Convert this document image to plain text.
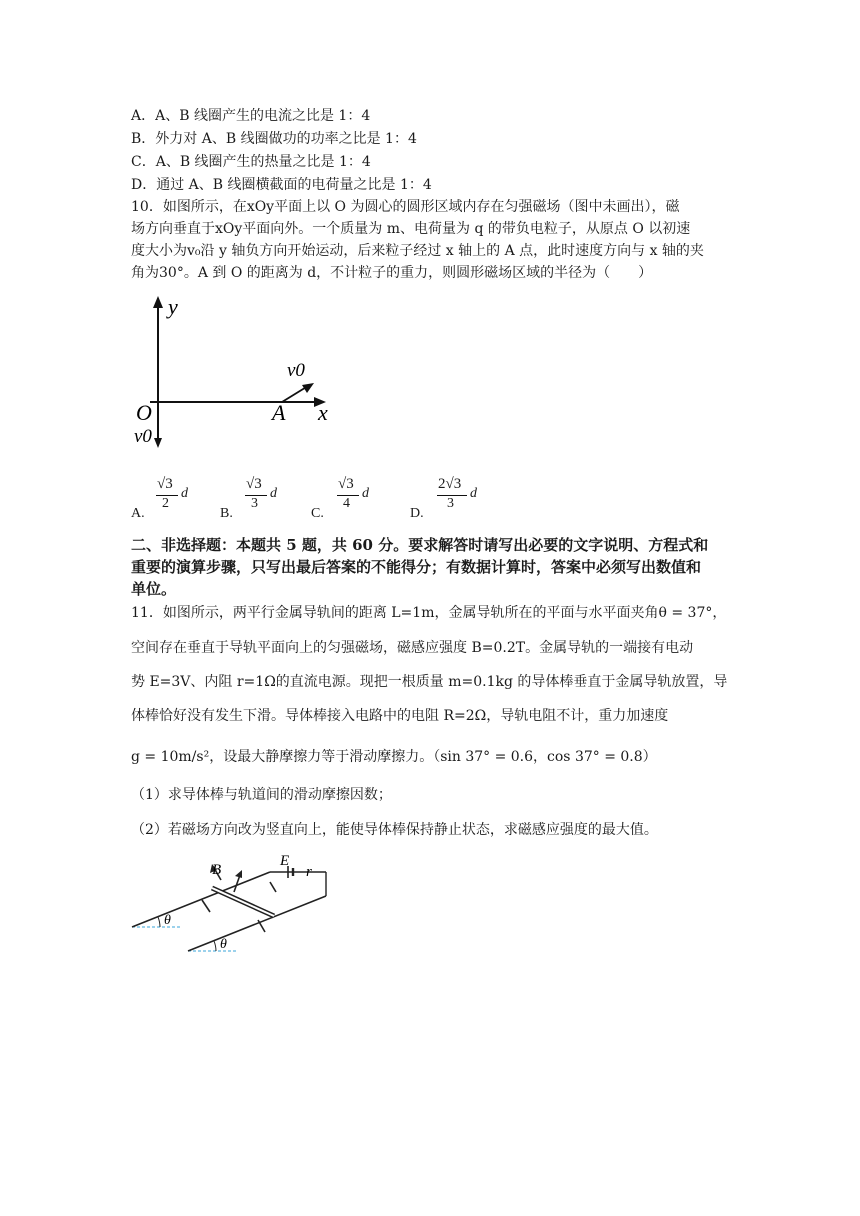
A．A、B 线圈产生的电流之比是 1：4
B．外力对 A、B 线圈做功的功率之比是 1：4
C．A、B 线圈产生的热量之比是 1：4
D．通过 A、B 线圈横截面的电荷量之比是 1：4
10．如图所示，在xOy平面上以 O 为圆心的圆形区域内存在匀强磁场（图中未画出），磁
场方向垂直于xOy平面向外。一个质量为 m、电荷量为 q 的带负电粒子，从原点 O 以初速
度大小为v₀沿 y 轴负方向开始运动，后来粒子经过 x 轴上的 A 点，此时速度方向与 x 轴的夹
角为30°。A 到 O 的距离为 d，不计粒子的重力，则圆形磁场区域的半径为（　　）
y
x
O	A
v0
v0
A.
√3
2
d
B.
√3
3
d
C.
√3
4
d
D.
2√3
3
d
二、非选择题：本题共 5 题，共 60 分。要求解答时请写出必要的文字说明、方程式和
重要的演算步骤，只写出最后答案的不能得分；有数据计算时，答案中必须写出数值和
单位。
11．如图所示，两平行金属导轨间的距离 L=1m，金属导轨所在的平面与水平面夹角θ = 37°，
空间存在垂直于导轨平面向上的匀强磁场，磁感应强度 B=0.2T。金属导轨的一端接有电动
势 E=3V、内阻 r=1Ω的直流电源。现把一根质量 m=0.1kg 的导体棒垂直于金属导轨放置，导
体棒恰好没有发生下滑。导体棒接入电路中的电阻 R=2Ω，导轨电阻不计，重力加速度
g = 10m/s²，设最大静摩擦力等于滑动摩擦力。（sin 37° = 0.6，cos 37° = 0.8）
（1）求导体棒与轨道间的滑动摩擦因数；
（2）若磁场方向改为竖直向上，能使导体棒保持静止状态，求磁感应强度的最大值。
B
E
r
θ
θ
